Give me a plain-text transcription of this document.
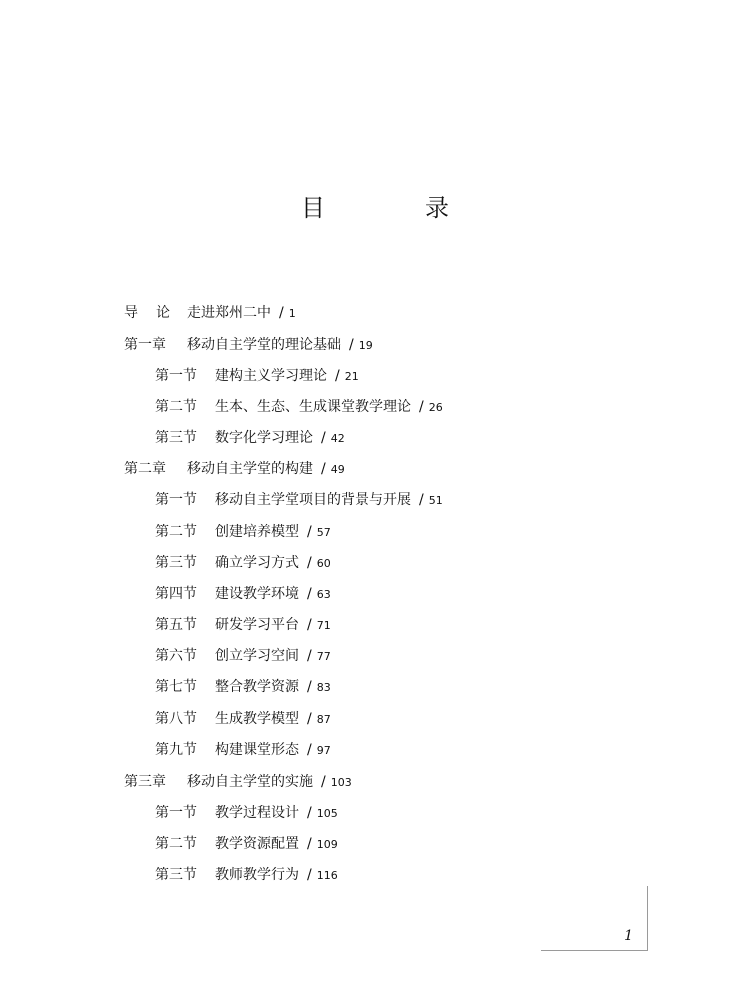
目　录
导论走进郑州二中 / 1
第一章 移动自主学堂的理论基础 / 19
第一节 建构主义学习理论 / 21
第二节 生本、生态、生成课堂教学理论 / 26
第三节 数字化学习理论 / 42
第二章 移动自主学堂的构建 / 49
第一节 移动自主学堂项目的背景与开展 / 51
第二节 创建培养模型 / 57
第三节 确立学习方式 / 60
第四节 建设教学环境 / 63
第五节 研发学习平台 / 71
第六节 创立学习空间 / 77
第七节 整合教学资源 / 83
第八节 生成教学模型 / 87
第九节 构建课堂形态 / 97
第三章 移动自主学堂的实施 / 103
第一节 教学过程设计 / 105
第二节 教学资源配置 / 109
第三节 教师教学行为 / 116
1
